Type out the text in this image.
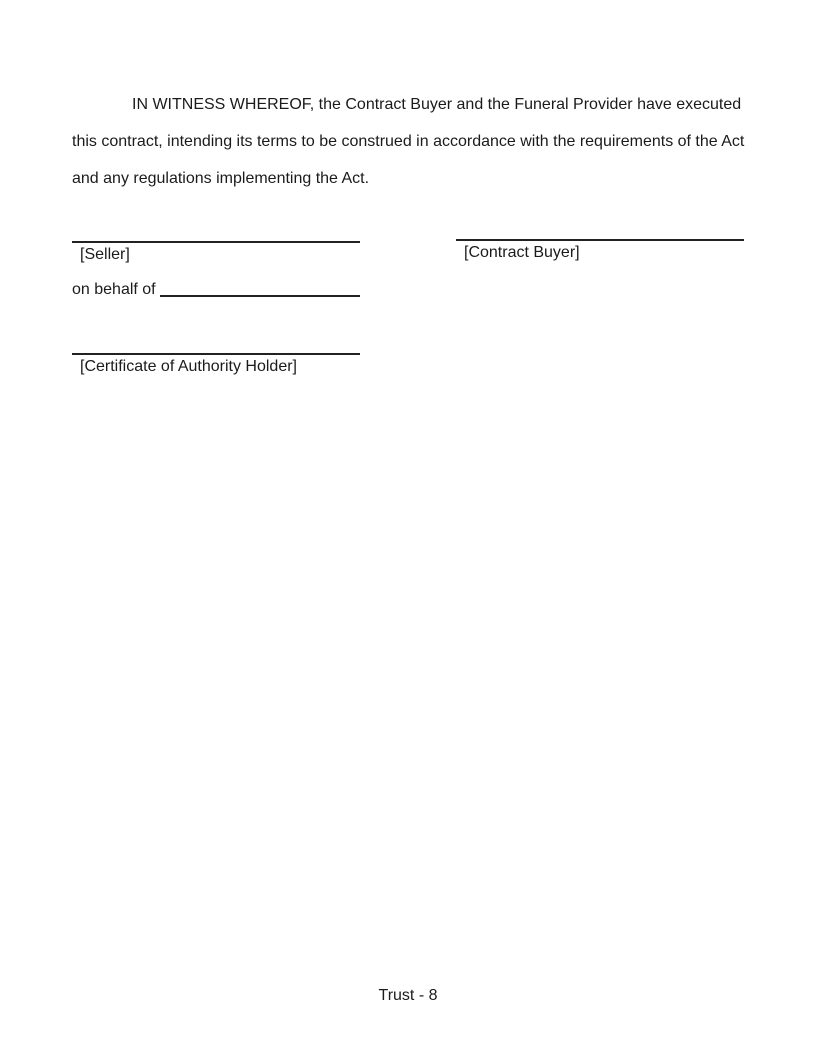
IN WITNESS WHEREOF, the Contract Buyer and the Funeral Provider have executed this contract, intending its terms to be construed in accordance with the requirements of the Act and any regulations implementing the Act.

[Seller]	[Contract Buyer]
on behalf of
[Certificate of Authority Holder]
Trust - 8
